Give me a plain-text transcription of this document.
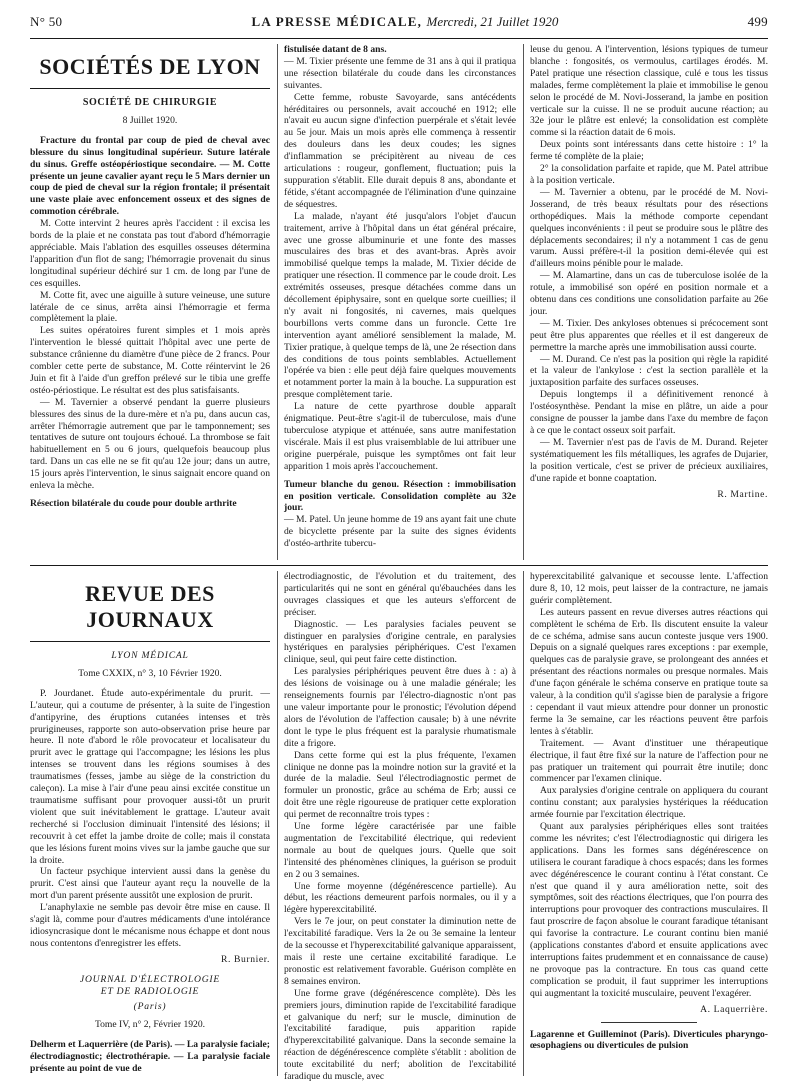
N° 50	LA PRESSE MÉDICALE, Mercredi, 21 Juillet 1920	499
SOCIÉTÉS DE LYON
SOCIÉTÉ DE CHIRURGIE
8 Juillet 1920.

Fracture du frontal par coup de pied de cheval avec blessure du sinus longitudinal supérieur. Suture latérale du sinus. Greffe ostéopériostique secondaire. — M. Cotte présente un jeune cavalier ayant reçu le 5 Mars dernier un coup de pied de cheval sur la région frontale; il présentait une vaste plaie avec enfoncement osseux et des signes de commotion cérébrale.

M. Cotte intervint 2 heures après l'accident : il excisa les bords de la plaie et ne constata pas tout d'abord d'hémorragie appréciable. Mais l'ablation des esquilles osseuses détermina l'apparition d'un flot de sang; l'hémorragie provenait du sinus longitudinal supérieur déchiré sur 1 cm. de long par l'une de ces esquilles.

M. Cotte fit, avec une aiguille à suture veineuse, une suture latérale de ce sinus, arrêta ainsi l'hémorragie et ferma complètement la plaie.

Les suites opératoires furent simples et 1 mois après l'intervention le blessé quittait l'hôpital avec une perte de substance crânienne du diamètre d'une pièce de 2 francs. Pour combler cette perte de substance, M. Cotte réintervint le 26 Juin et fit à l'aide d'un greffon prélevé sur le tibia une greffe ostéo-périostique. Le résultat est des plus satisfaisants.

— M. Tavernier a observé pendant la guerre plusieurs blessures des sinus de la dure-mère et n'a pu, dans aucun cas, arrêter l'hémorragie autrement que par le tamponnement; ses tentatives de suture ont toujours échoué. La thrombose se fait habituellement en 5 ou 6 jours, quelquefois beaucoup plus tard. Dans un cas elle ne se fit qu'au 12e jour; dans un autre, 15 jours après l'intervention, le sinus saignait encore quand on enleva la mèche.

Résection bilatérale du coude pour double arthrite

fistulisée datant de 8 ans.

— M. Tixier présente une femme de 31 ans à qui il pratiqua une résection bilatérale du coude dans les circonstances suivantes.

Cette femme, robuste Savoyarde, sans antécédents héréditaires ou personnels, avait accouché en 1912; elle n'avait eu aucun signe d'infection puerpérale et s'était levée au 5e jour. Mais un mois après elle commença à ressentir des douleurs dans les deux coudes; les signes d'inflammation se précipitèrent au niveau de ces articulations : rougeur, gonflement, fluctuation; puis la suppuration s'établit. Elle durait depuis 8 ans, abondante et fétide, s'étant accompagnée de l'élimination d'une quinzaine de séquestres.

La malade, n'ayant été jusqu'alors l'objet d'aucun traitement, arrive à l'hôpital dans un état général précaire, avec une grosse albuminurie et une fonte des masses musculaires des bras et des avant-bras. Après avoir immobilisé quelque temps la malade, M. Tixier décide de pratiquer une résection. Il commence par le coude droit. Les extrémités osseuses, presque détachées comme dans un décollement épiphysaire, sont en quelque sorte cueillies; il n'y avait ni fongosités, ni cavernes, mais quelques bourbillons verts comme dans un furoncle. Cette 1re intervention ayant amélioré sensiblement la malade, M. Tixier pratique, à quelque temps de là, une 2e résection dans des conditions de tous points semblables. Actuellement l'opérée va bien : elle peut déjà faire quelques mouvements et notamment porter la main à la bouche. La suppuration est presque complètement tarie.

La nature de cette pyarthrose double apparaît énigmatique. Peut-être s'agit-il de tuberculose, mais d'une tuberculose atypique et atténuée, sans autre manifestation viscérale. Mais il est plus vraisemblable de lui attribuer une origine puerpérale, puisque les symptômes ont fait leur apparition 1 mois après l'accouchement.

Tumeur blanche du genou. Résection : immobilisation en position verticale. Consolidation complète au 32e jour.

— M. Patel. Un jeune homme de 19 ans ayant fait une chute de bicyclette présente par la suite des signes évidents d'ostéo-arthrite tubercu-

leuse du genou. A l'intervention, lésions typiques de tumeur blanche : fongosités, os vermoulus, cartilages érodés. M. Patel pratique une résection classique, culé e tous les tissus malades, ferme complètement la plaie et immobilise le genou selon le procédé de M. Novi-Josserand, la jambe en position verticale sur la cuisse. Il ne se produit aucune réaction; au 32e jour le plâtre est enlevé; la consolidation est complète comme si la réaction datait de 6 mois.

Deux points sont intéressants dans cette histoire : 1° la ferme té complète de la plaie;

2° la consolidation parfaite et rapide, que M. Patel attribue à la position verticale.

— M. Tavernier a obtenu, par le procédé de M. Novi-Josserand, de très beaux résultats pour des résections orthopédiques. Mais la méthode comporte cependant quelques inconvénients : il peut se produire sous le plâtre des déplacements secondaires; il n'y a notamment 1 cas de genu varum. Aussi préfère-t-il la position demi-élevée qui est d'ailleurs moins pénible pour le malade.

— M. Alamartine, dans un cas de tuberculose isolée de la rotule, a immobilisé son opéré en position normale et a obtenu dans ces conditions une consolidation parfaite au 26e jour.

— M. Tixier. Des ankyloses obtenues si précocement sont peut être plus apparentes que réelles et il est dangereux de permettre la marche après une immobilisation aussi courte.

— M. Durand. Ce n'est pas la position qui règle la rapidité et la valeur de l'ankylose : c'est la section parallèle et la juxtaposition parfaite des surfaces osseuses.

Depuis longtemps il a définitivement renoncé à l'ostéosynthèse. Pendant la mise en plâtre, un aide a pour consigne de pousser la jambe dans l'axe du membre de façon à ce que le contact osseux soit parfait.

— M. Tavernier n'est pas de l'avis de M. Durand. Rejeter systématiquement les fils métalliques, les agrafes de Dujarier, la position verticale, c'est se priver de précieux auxiliaires, d'une rapide et bonne coaptation.

R. Martine.
REVUE DES JOURNAUX
LYON MÉDICAL
Tome CXXIX, n° 3, 10 Février 1920.

P. Jourdanet. Étude auto-expérimentale du prurit. — L'auteur, qui a coutume de présenter, à la suite de l'ingestion d'antipyrine, des éruptions cutanées intenses et très prurigineuses, rapporte son auto-observation prise heure par heure. Il note d'abord le rôle provocateur et localisateur du prurit avec le grattage qui l'accompagne; les lésions les plus intenses se trouvent dans les régions soumises à des traumatismes (fesses, jambe au siège de la constriction du caleçon). La mise à l'air d'une peau ainsi excitée constitue un traumatisme suffisant pour provoquer aussi-tôt un prurit violent que suit inévitablement le grattage. L'auteur avait recherché si l'occlusion diminuait l'intensité des lésions; il recouvrit à cet effet la jambe droite de colle; mais il constata que les lésions furent moins vives sur la jambe gauche que sur la droite.

Un facteur psychique intervient aussi dans la genèse du prurit. C'est ainsi que l'auteur ayant reçu la nouvelle de la mort d'un parent présente aussitôt une explosion de prurit.

L'anaphylaxie ne semble pas devoir être mise en cause. Il s'agit là, comme pour d'autres médicaments d'une intolérance idiosyncrasique dont le mécanisme nous échappe et dont nous nous contentons d'enregistrer les effets.

R. Burnier.
JOURNAL D'ÉLECTROLOGIE
ET DE RADIOLOGIE
(Paris)
Tome IV, n° 2, Février 1920.

Delherm et Laquerrière (de Paris). — La paralysie faciale; électrodiagnostic; électrothérapie. — La paralysie faciale présente au point de vue de

électrodiagnostic, de l'évolution et du traitement, des particularités qui ne sont en général qu'ébauchées dans les ouvrages classiques et que les auteurs s'efforcent de préciser.

Diagnostic. — Les paralysies faciales peuvent se distinguer en paralysies d'origine centrale, en paralysies hystériques en paralysies périphériques. C'est l'examen clinique, seul, qui peut faire cette distinction.

Les paralysies périphériques peuvent être dues à : a) à des lésions de voisinage ou à une maladie générale; les renseignements fournis par l'électro-diagnostic n'ont pas une valeur importante pour le pronostic; l'évolution dépend alors de l'évolution de l'affection causale; b) à une névrite dont le type le plus fréquent est la paralysie rhumatismale dite a frigore.

Dans cette forme qui est la plus fréquente, l'examen clinique ne donne pas la moindre notion sur la gravité et la durée de la maladie. Seul l'électrodiagnostic permet de formuler un pronostic, grâce au schéma de Erb; aussi ce doit être une règle rigoureuse de pratiquer cette exploration qui permet de reconnaître trois types :

Une forme légère caractérisée par une faible augmentation de l'excitabilité électrique, qui redevient normale au bout de quelques jours. Quelle que soit l'intensité des phénomènes cliniques, la guérison se produit en 2 ou 3 semaines.

Une forme moyenne (dégénérescence partielle). Au début, les réactions demeurent parfois normales, ou il y a légère hyperexcitabilité.

Vers le 7e jour, on peut constater la diminution nette de l'excitabilité faradique. Vers la 2e ou 3e semaine la lenteur de la secousse et l'hyperexcitabilité galvanique apparaissent, mais il reste une certaine excitabilité faradique. Le pronostic est relativement favorable. Guérison complète en 8 semaines environ.

Une forme grave (dégénérescence complète). Dès les premiers jours, diminution rapide de l'excitabilité faradique et galvanique du nerf; sur le muscle, diminution de l'excitabilité faradique, puis apparition rapide d'hyperexcitabilité galvanique. Dans la seconde semaine la réaction de dégénérescence complète s'établit : abolition de toute excitabilité du nerf; abolition de l'excitabilité faradique du muscle, avec

hyperexcitabilité galvanique et secousse lente. L'affection dure 8, 10, 12 mois, peut laisser de la contracture, ne jamais guérir complètement.

Les auteurs passent en revue diverses autres réactions qui complètent le schéma de Erb. Ils discutent ensuite la valeur de ce schéma, admise sans aucun conteste jusque vers 1900. Depuis on a signalé quelques rares exceptions : par exemple, quelques cas de paralysie grave, se prolongeant des années et présentant des réactions normales ou presque normales. Mais d'une façon générale le schéma conserve en pratique toute sa valeur, à la condition qu'il s'agisse bien de paralysie a frigore : cependant il vaut mieux attendre pour donner un pronostic ferme la 3e semaine, car les réactions peuvent être parfois lentes à s'établir.

Traitement. — Avant d'instituer une thérapeutique électrique, il faut être fixé sur la nature de l'affection pour ne pas pratiquer un traitement qui pourrait être inutile; donc commencer par l'examen clinique.

Aux paralysies d'origine centrale on appliquera du courant continu constant; aux paralysies hystériques la rééducation armée fournie par l'excitation électrique.

Quant aux paralysies périphériques elles sont traitées comme les névrites; c'est l'électrodiagnostic qui dirigera les applications. Dans les formes sans dégénérescence on utilisera le courant faradique à chocs espacés; dans les formes avec dégénérescence le courant continu à l'état constant. Ce n'est que quand il y aura amélioration nette, soit des symptômes, soit des réactions électriques, que l'on pourra des interruptions pour provoquer des contractions musculaires. Il faut proscrire de façon absolue le courant faradique tétanisant qui favorise la contracture. Le courant continu bien manié (applications constantes d'abord et ensuite applications avec interruptions faites prudemment et en connaissance de cause) ne provoque pas la contracture. En tous cas quand cette complication se produit, il faut supprimer les interruptions qui augmentant la toxicité musculaire, peuvent l'exagérer.

A. Laquerrière.

Lagarenne et Guilleminot (Paris). Diverticules pharyngo-œsophagiens ou diverticules de pulsion
